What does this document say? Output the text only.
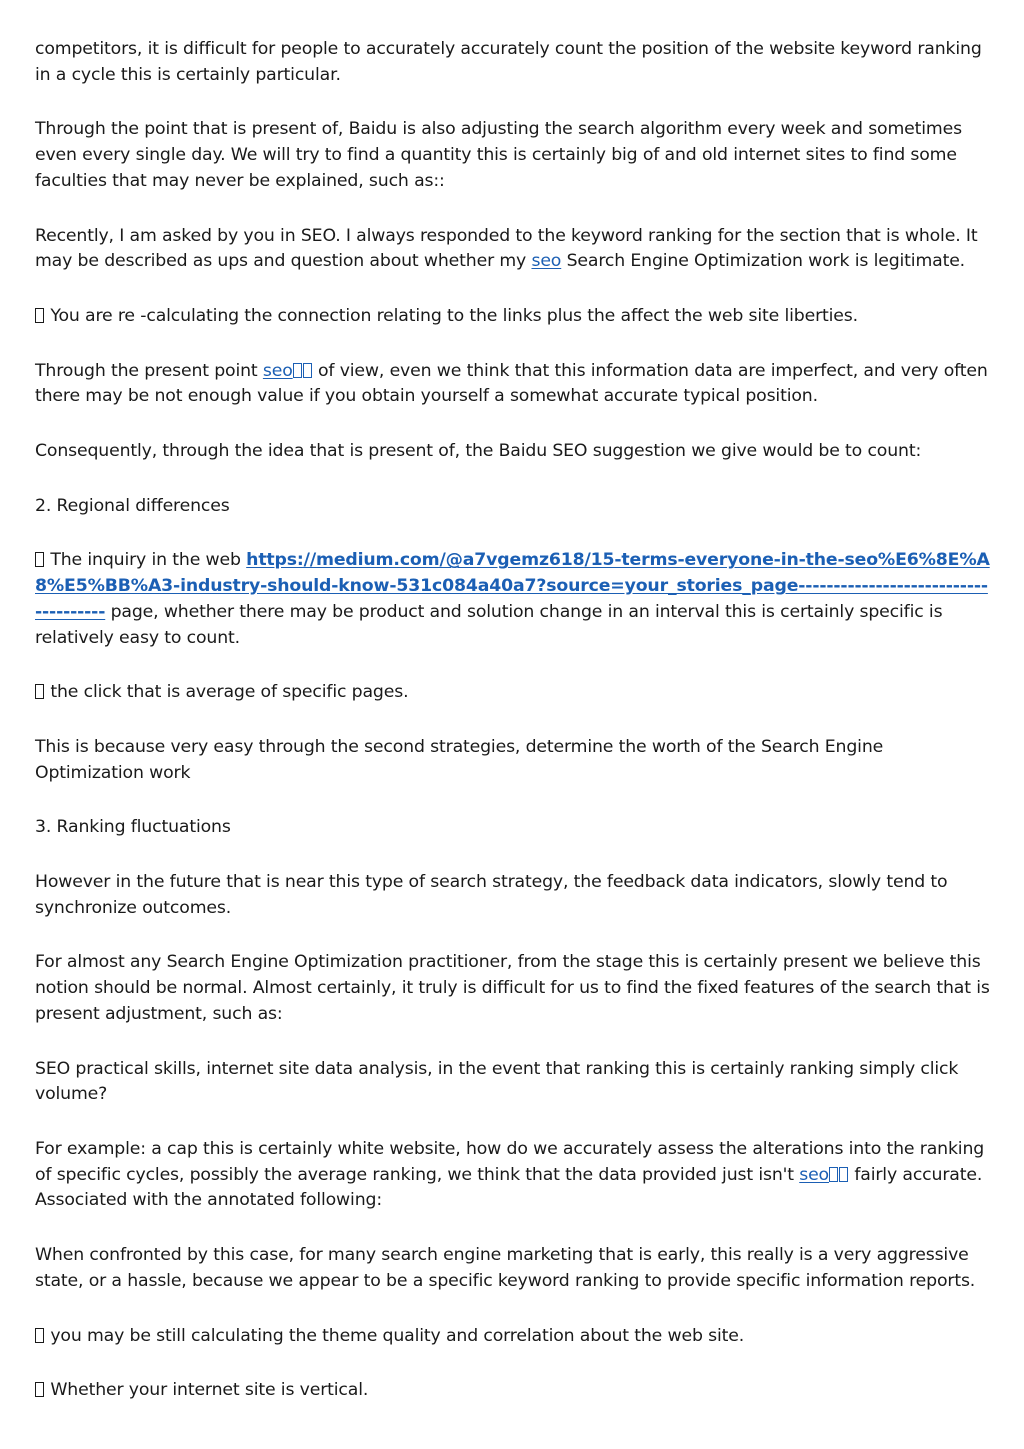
competitors, it is difficult for people to accurately accurately count the position of the website keyword ranking in a cycle this is certainly particular.

Through the point that is present of, Baidu is also adjusting the search algorithm every week and sometimes even every single day. We will try to find a quantity this is certainly big of and old internet sites to find some faculties that may never be explained, such as::

Recently, I am asked by you in SEO. I always responded to the keyword ranking for the section that is whole. It may be described as ups and question about whether my seo Search Engine Optimization work is legitimate.

You are re -calculating the connection relating to the links plus the affect the web site liberties.

Through the present point seo of view, even we think that this information data are imperfect, and very often there may be not enough value if you obtain yourself a somewhat accurate typical position.

Consequently, through the idea that is present of, the Baidu SEO suggestion we give would be to count:

2. Regional differences

The inquiry in the web https://medium.com/@a7vgemz618/15-terms-everyone-in-the-seo%E6%8E%A8%E5%BB%A3-industry-should-know-531c084a40a7?source=your_stories_page------------------------------------- page, whether there may be product and solution change in an interval this is certainly specific is relatively easy to count.

the click that is average of specific pages.

This is because very easy through the second strategies, determine the worth of the Search Engine Optimization work

3. Ranking fluctuations

However in the future that is near this type of search strategy, the feedback data indicators, slowly tend to synchronize outcomes.

For almost any Search Engine Optimization practitioner, from the stage this is certainly present we believe this notion should be normal. Almost certainly, it truly is difficult for us to find the fixed features of the search that is present adjustment, such as:

SEO practical skills, internet site data analysis, in the event that ranking this is certainly ranking simply click volume?

For example: a cap this is certainly white website, how do we accurately assess the alterations into the ranking of specific cycles, possibly the average ranking, we think that the data provided just isn't seo fairly accurate. Associated with the annotated following:

When confronted by this case, for many search engine marketing that is early, this really is a very aggressive state, or a hassle, because we appear to be a specific keyword ranking to provide specific information reports.

you may be still calculating the theme quality and correlation about the web site.

Whether your internet site is vertical.
